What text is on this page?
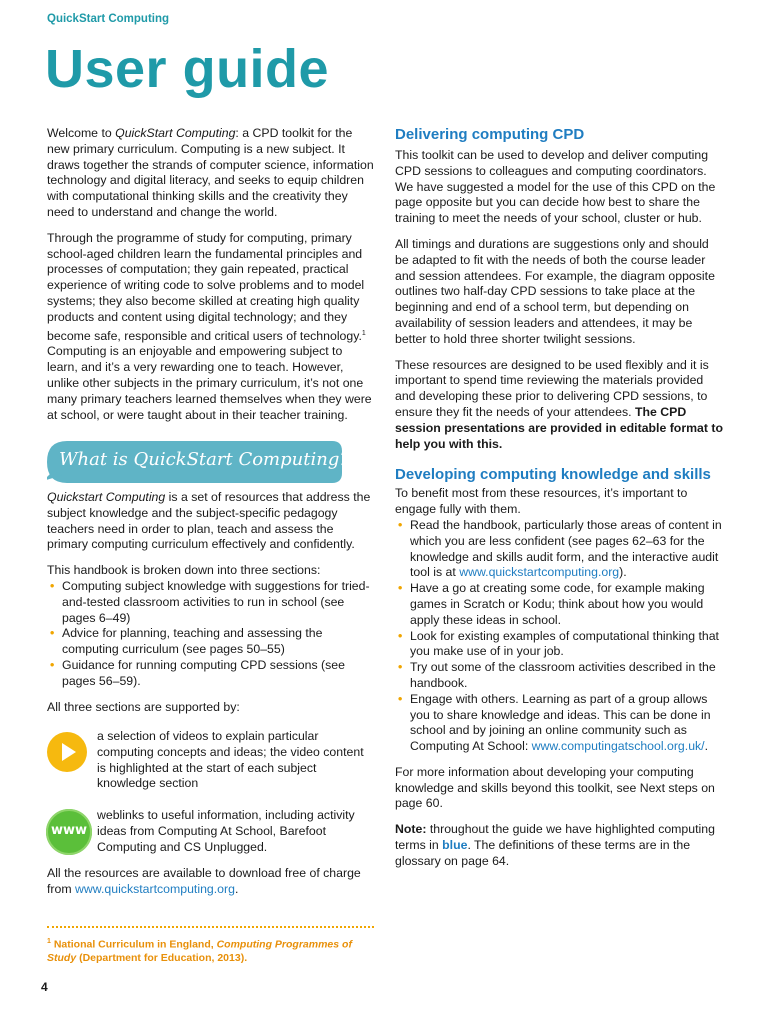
QuickStart Computing
User guide

Welcome to QuickStart Computing: a CPD toolkit for the new primary curriculum. Computing is a new subject. It draws together the strands of computer science, information technology and digital literacy, and seeks to equip children with computational thinking skills and the creativity they need to understand and change the world.

Through the programme of study for computing, primary school-aged children learn the fundamental principles and processes of computation; they gain repeated, practical experience of writing code to solve problems and to model systems; they also become skilled at creating high quality products and content using digital technology; and they become safe, responsible and critical users of technology.$^1$ Computing is an enjoyable and empowering subject to learn, and it’s a very rewarding one to teach. However, unlike other subjects in the primary curriculum, it’s not one many primary teachers learned themselves when they were at school, or were taught about in their teacher training.

What is QuickStart Computing?

Quickstart Computing is a set of resources that address the subject knowledge and the subject-specific pedagogy teachers need in order to plan, teach and assess the primary computing curriculum effectively and confidently.

This handbook is broken down into three sections:

• Computing subject knowledge with suggestions for tried-and-tested classroom activities to run in school (see pages 6–49)
• Advice for planning, teaching and assessing the computing curriculum (see pages 50–55)
• Guidance for running computing CPD sessions (see pages 56–59).

All three sections are supported by:

a selection of videos to explain particular computing concepts and ideas; the video content is highlighted at the start of each subject knowledge section
www
weblinks to useful information, including activity ideas from Computing At School, Barefoot Computing and CS Unplugged.
All the resources are available to download free of charge from www.quickstartcomputing.org.
$^1$ National Curriculum in England, Computing Programmes of Study (Department for Education, 2013).
4

Delivering computing CPD

This toolkit can be used to develop and deliver computing CPD sessions to colleagues and computing coordinators. We have suggested a model for the use of this CPD on the page opposite but you can decide how best to share the training to meet the needs of your school, cluster or hub.

All timings and durations are suggestions only and should be adapted to fit with the needs of both the course leader and session attendees. For example, the diagram opposite outlines two half-day CPD sessions to take place at the beginning and end of a school term, but depending on availability of session leaders and attendees, it may be better to hold three shorter twilight sessions.

These resources are designed to be used flexibly and it is important to spend time reviewing the materials provided and developing these prior to delivering CPD sessions, to ensure they fit the needs of your attendees. The CPD session presentations are provided in editable format to help you with this.

Developing computing knowledge and skills

To benefit most from these resources, it’s important to engage fully with them.

• Read the handbook, particularly those areas of content in which you are less confident (see pages 62–63 for the knowledge and skills audit form, and the interactive audit tool is at www.quickstartcomputing.org).
• Have a go at creating some code, for example making games in Scratch or Kodu; think about how you would apply these ideas in school.
• Look for existing examples of computational thinking that you make use of in your job.
• Try out some of the classroom activities described in the handbook.
• Engage with others. Learning as part of a group allows you to share knowledge and ideas. This can be done in school and by joining an online community such as Computing At School: www.computingatschool.org.uk/.

For more information about developing your computing knowledge and skills beyond this toolkit, see Next steps on page 60.

Note: throughout the guide we have highlighted computing terms in blue. The definitions of these terms are in the glossary on page 64.
